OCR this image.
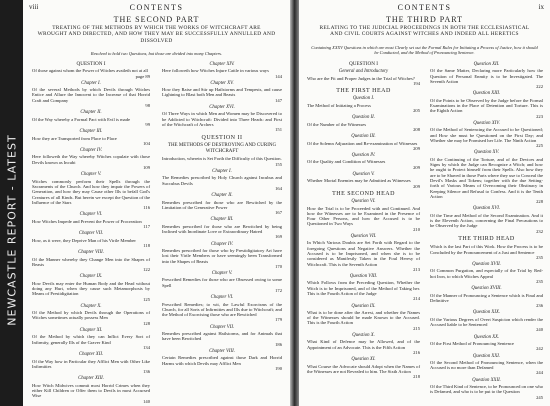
NEWCASTLE REPORT - LATEST
viii	CONTENTS
THE SECOND PART
TREATING OF THE METHODS BY WHICH THE WORKS OF WITCHCRAFT ARE WROUGHT AND DIRECTED, AND HOW THEY MAY BE SUCCESSFULLY ANNULLED AND DISSOLVED
Resolved to hold two Questions, but those are divided into many Chapters.
QUESTION I
Of those against whom the Power of Witches availeth not at all
page 89
Chapter I.
Of the several Methods by which Devils through Witches Entice and Allure the Innocent to the Increase of that Horrid Craft and Company
98
Chapter II.
Of the Way whereby a Formal Pact with Evil is made
99
Chapter III.
How they are Transported from Place to Place
104
Chapter IV.
Here followeth the Way whereby Witches copulate with those Devils known as Incubi
109
Chapter V.
Witches commonly perform their Spells through the Sacraments of the Church. And how they impair the Powers of Generation, and how they may Cause other Ills to befall God's Creatures of all Kinds. But herein we except the Question of the Influence of the Stars
116
Chapter VI.
How Witches Impede and Prevent the Power of Procreation
117
Chapter VII.
How, as it were, they Deprive Man of his Virile Member
118
Chapter VIII.
Of the Manner whereby they Change Men into the Shapes of Beasts
122
Chapter IX.
How Devils may enter the Human Body and the Head without doing any Hurt, when they cause such Metamorphosis by Means of Prestidigitation
125
Chapter X.
Of the Method by which Devils through the Operations of Witches sometimes actually possess Men
128
Chapter XI.
Of the Method by which they can Inflict Every Sort of Infirmity, generally Ills of the Graver Kind
134
Chapter XII.
Of the Way how in Particular they Afflict Men with Other Like Infirmities
136
Chapter XIII.
How Witch Midwives commit most Horrid Crimes when they either Kill Children or Offer them to Devils in most Accursed Wise
140
Chapter XIV.
Here followeth how Witches Injure Cattle in various ways
144
Chapter XV.
How they Raise and Stir up Hailstorms and Tempests, and cause Lightning to Blast both Men and Beasts
147
Chapter XVI.
Of Three Ways in which Men and Women may be Discovered to be Addicted to Witchcraft: Divided into Three Heads: and First of the Witchcraft of Archers
151
QUESTION II
THE METHODS OF DESTROYING AND CURING WITCHCRAFT
Introduction, wherein is Set Forth the Difficulty of this Question.
155
Chapter I.
The Remedies prescribed by Holy Church against Incubus and Succubus Devils
164
Chapter II.
Remedies prescribed for those who are Bewitched by the Limitation of the Generative Power
167
Chapter III.
Remedies prescribed for those who are Bewitched by being Inclined with Inordinate Love or Extraordinary Hatred
169
Chapter IV.
Remedies prescribed for those who by Prestidigitatory Art have lost their Virile Members or have seemingly been Transformed into the Shapes of Beasts
170
Chapter V.
Prescribed Remedies for those who are Obsessed owing to some Spell
172
Chapter VI.
Prescribed Remedies; to wit, the Lawful Exorcisms of the Church, for all Sorts of Infirmities and Ills due to Witchcraft; and the Method of Exorcising those who are Bewitched
179
Chapter VII.
Remedies prescribed against Hailstorms, and for Animals that have been Bewitched
186
Chapter VIII.
Certain Remedies prescribed against those Dark and Horrid Harms with which Devils may Afflict Men
190
CONTENTS	ix
THE THIRD PART
RELATING TO THE JUDICIAL PROCEEDINGS IN BOTH THE ECCLESIASTICAL AND CIVIL COURTS AGAINST WITCHES AND INDEED ALL HERETICS
Containing XXXV Questions in which are most Clearly set out the Formal Rules for Initiating a Process of Justice, how it should be Conducted, and the Method of Pronouncing Sentence.
QUESTION I
General and Introductory
Who are the Fit and Proper Judges in the Trial of Witches?
194
THE FIRST HEAD
Question I.
The Method of Initiating a Process
205
Question II.
Of the Number of the Witnesses
208
Question III.
Of the Solemn Adjuration and Re-examination of Witnesses
209
Question IV.
Of the Quality and Condition of Witnesses
209
Question V.
Whether Mortal Enemies may be Admitted as Witnesses
209
THE SECOND HEAD
Question VI.
How the Trial is to be Proceeded with and Continued. And how the Witnesses are to be Examined in the Presence of Four Other Persons, and how the Accused is to be Questioned in Two Ways
210
Question VII.
In Which Various Doubts are Set Forth with Regard to the foregoing Questions and Negative Answers. Whether the Accused is to be Imprisoned, and when she is to be considered as Manifestly Taken in the Foul Heresy of Witchcraft. This is the Seventh Action
213
Question VIII.
Which Follows from the Preceding Question, Whether the Witch is to be Imprisoned, and of the Method of Taking her. This is the Fourth Action of the Judge
214
Question IX.
What is to be done after the Arrest, and whether the Names of the Witnesses should be made Known to the Accused. This is the Fourth Action
215
Question X.
What Kind of Defence may be Allowed, and of the Appointment of an Advocate. This is the Fifth Action
216
Question XI.
What Course the Advocate should Adopt when the Names of the Witnesses are not Revealed to him. The Sixth Action
218
Question XII.
Of the Same Matter, Declaring more Particularly how the Question of Personal Enmity is to be Investigated. The Seventh Action
222
Question XIII.
Of the Points to be Observed by the Judge before the Formal Examinations in the Place of Detention and Torture. This is the Eighth Action
223
Question XIV.
Of the Method of Sentencing the Accused to be Questioned; and How she must be Questioned on the First Day; and Whether she may be Promised her Life. The Ninth Action
225
Question XV.
Of the Continuing of the Torture, and of the Devices and Signs by which the Judge can Recognize a Witch; and how he ought to Protect himself from their Spells. Also how they are to be Shaved in those Parts where they use to Conceal the Devil's Masks and Tokens; together with the due Setting-forth of Various Means of Overcoming their Obstinacy in Keeping Silence and Refusal to Confess. And it is the Tenth Action
228
Question XVI.
Of the Time and Method of the Second Examination. And it is the Eleventh Action, concerning the Final Precautions to be Observed by the Judge
232
THE THIRD HEAD
Which is the last Part of this Work. How the Process is to be Concluded by the Pronouncement of a Just and Sentence
235
Question XVII.
Of Common Purgation, and especially of the Trial by Red-hot Iron, to which Witches Appeal
235
Question XVIII.
Of the Manner of Pronouncing a Sentence which is Final and Definitive
236
Question XIX.
Of the Various Degrees of Overt Suspicion which render the Accused liable to be Sentenced
240
Question XX.
Of the First Method of Pronouncing Sentence
242
Question XXI.
Of the Second Method of Pronouncing Sentence, when the Accused is no more than Defamed
244
Question XXII.
Of the Third Kind of Sentence, to be Pronounced on one who is Defamed, and who is to be put to the Question
245
